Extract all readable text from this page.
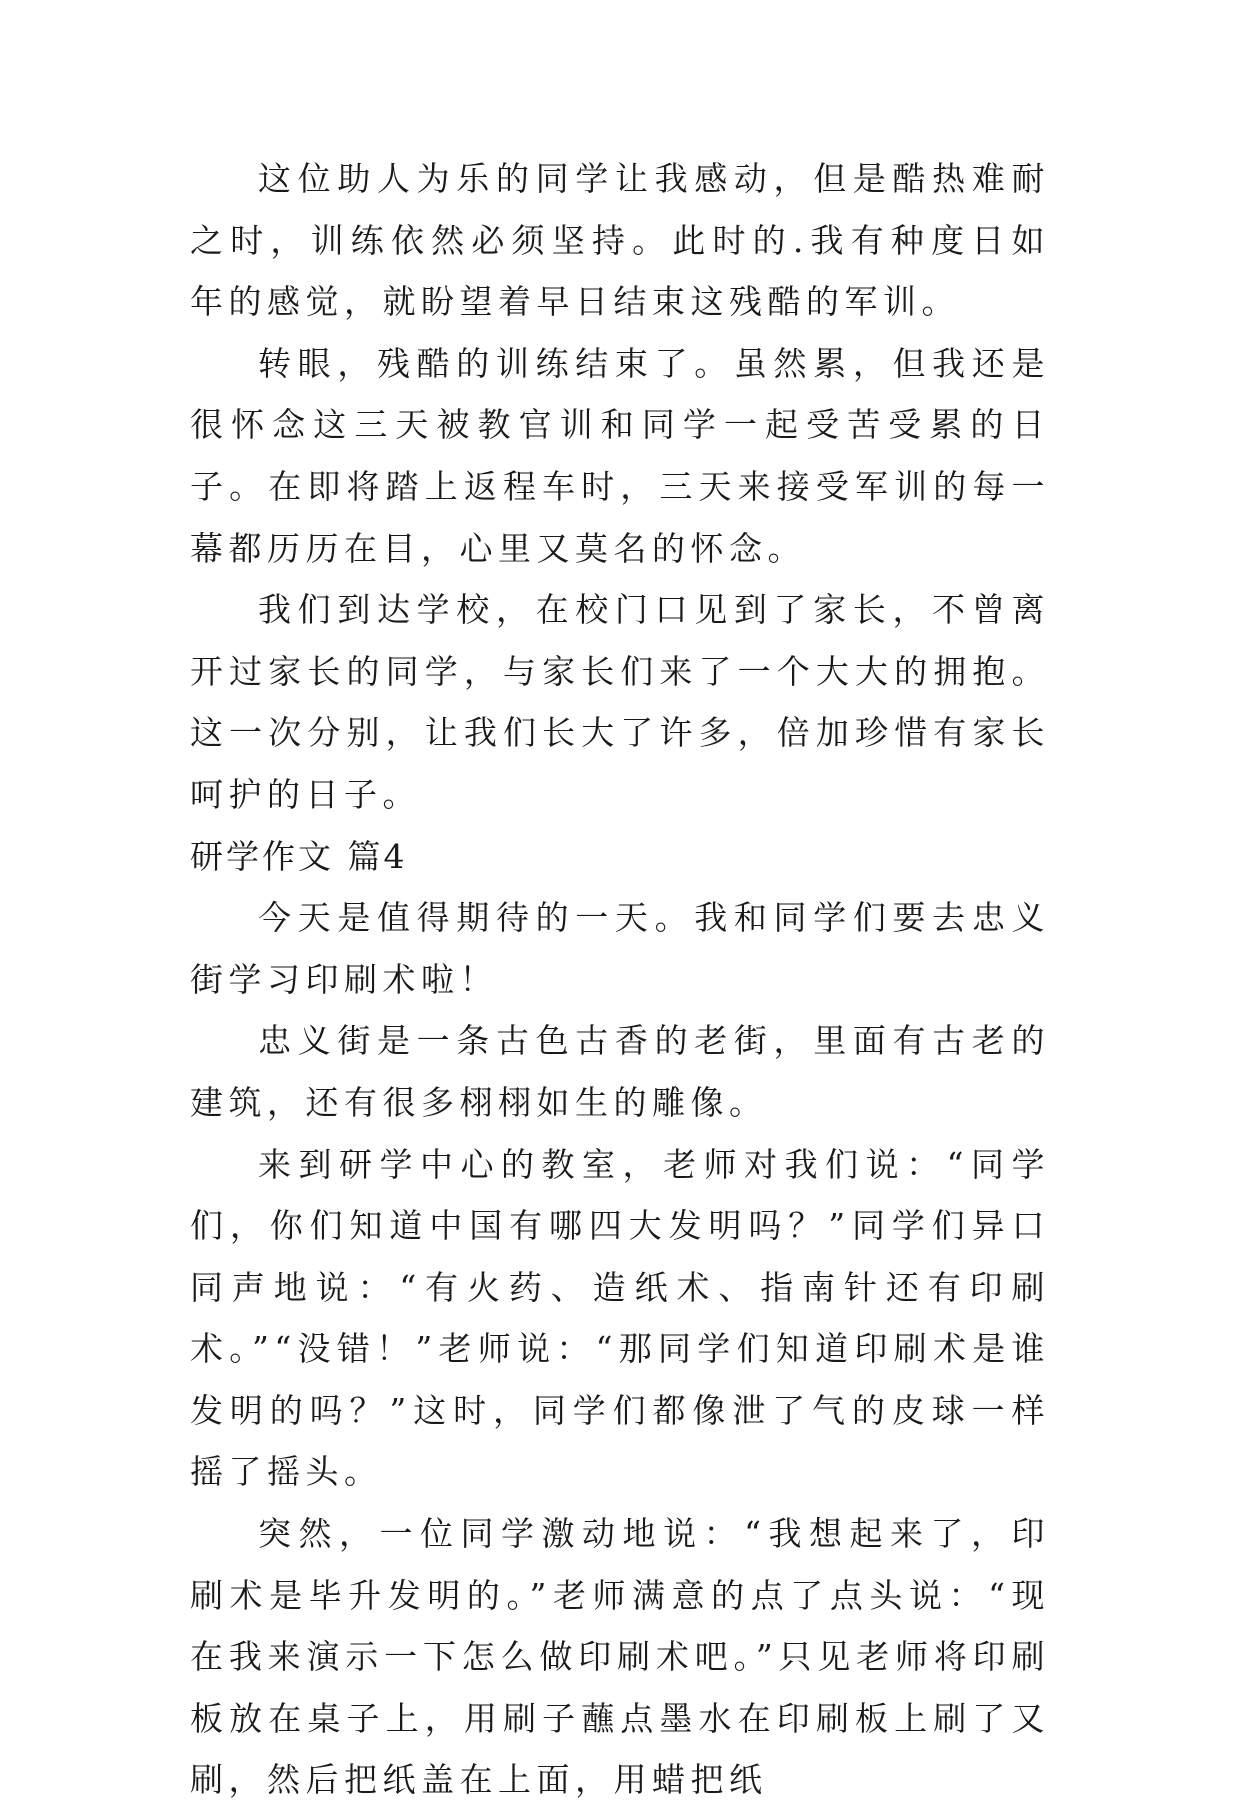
这位助人为乐的同学让我感动，但是酷热难耐之时，训练依然必须坚持。此时的.我有种度日如年的感觉，就盼望着早日结束这残酷的军训。

转眼，残酷的训练结束了。虽然累，但我还是很怀念这三天被教官训和同学一起受苦受累的日子。在即将踏上返程车时，三天来接受军训的每一幕都历历在目，心里又莫名的怀念。

我们到达学校，在校门口见到了家长，不曾离开过家长的同学，与家长们来了一个大大的拥抱。这一次分别，让我们长大了许多，倍加珍惜有家长呵护的日子。

研学作文 篇4

今天是值得期待的一天。我和同学们要去忠义街学习印刷术啦！

忠义街是一条古色古香的老街，里面有古老的建筑，还有很多栩栩如生的雕像。

来到研学中心的教室，老师对我们说：“同学们，你们知道中国有哪四大发明吗？”同学们异口同声地说：“有火药、造纸术、指南针还有印刷术。”“没错！”老师说：“那同学们知道印刷术是谁发明的吗？”这时，同学们都像泄了气的皮球一样摇了摇头。

突然，一位同学激动地说：“我想起来了，印刷术是毕升发明的。”老师满意的点了点头说：“现在我来演示一下怎么做印刷术吧。”只见老师将印刷板放在桌子上，用刷子蘸点墨水在印刷板上刷了又刷，然后把纸盖在上面，用蜡把纸
